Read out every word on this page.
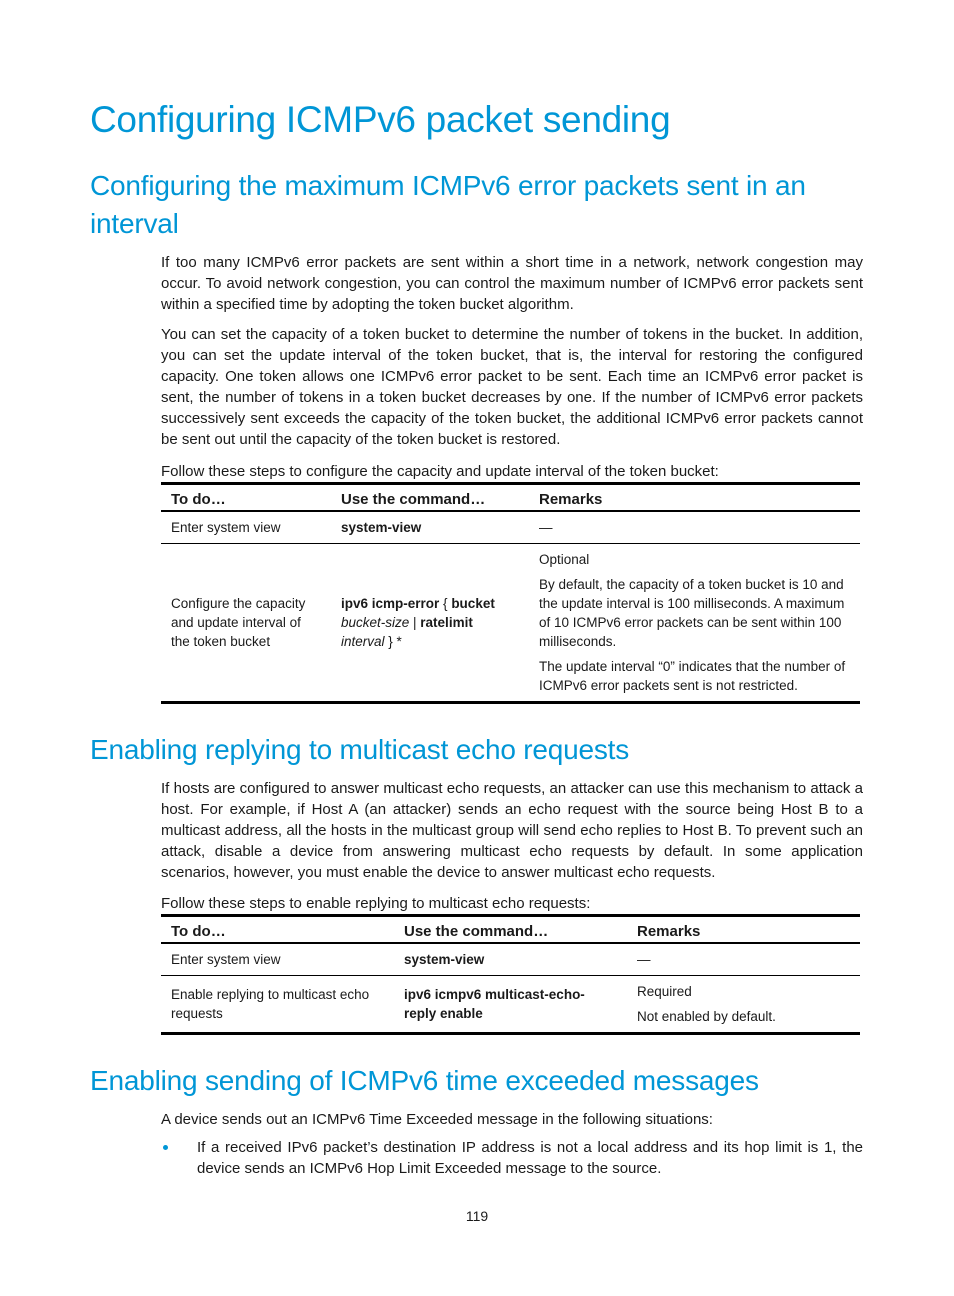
Configuring ICMPv6 packet sending
Configuring the maximum ICMPv6 error packets sent in an interval

If too many ICMPv6 error packets are sent within a short time in a network, network congestion may occur. To avoid network congestion, you can control the maximum number of ICMPv6 error packets sent within a specified time by adopting the token bucket algorithm.

You can set the capacity of a token bucket to determine the number of tokens in the bucket. In addition, you can set the update interval of the token bucket, that is, the interval for restoring the configured capacity. One token allows one ICMPv6 error packet to be sent. Each time an ICMPv6 error packet is sent, the number of tokens in a token bucket decreases by one. If the number of ICMPv6 error packets successively sent exceeds the capacity of the token bucket, the additional ICMPv6 error packets cannot be sent out until the capacity of the token bucket is restored.

Follow these steps to configure the capacity and update interval of the token bucket:

To do…	Use the command…	Remarks
Enter system view	system-view	—
Configure the capacity and update interval of the token bucket	ipv6 icmp-error { bucket bucket-size | ratelimit interval } *	Optional

By default, the capacity of a token bucket is 10 and the update interval is 100 milliseconds. A maximum of 10 ICMPv6 error packets can be sent within 100 milliseconds.

The update interval “0” indicates that the number of ICMPv6 error packets sent is not restricted.

Enabling replying to multicast echo requests

If hosts are configured to answer multicast echo requests, an attacker can use this mechanism to attack a host. For example, if Host A (an attacker) sends an echo request with the source being Host B to a multicast address, all the hosts in the multicast group will send echo replies to Host B. To prevent such an attack, disable a device from answering multicast echo requests by default. In some application scenarios, however, you must enable the device to answer multicast echo requests.

Follow these steps to enable replying to multicast echo requests:

To do…	Use the command…	Remarks
Enter system view	system-view	—
Enable replying to multicast echo requests	ipv6 icmpv6 multicast-echo-reply enable	Required

Not enabled by default.

Enabling sending of ICMPv6 time exceeded messages

A device sends out an ICMPv6 Time Exceeded message in the following situations:

If a received IPv6 packet’s destination IP address is not a local address and its hop limit is 1, the device sends an ICMPv6 Hop Limit Exceeded message to the source.
119
